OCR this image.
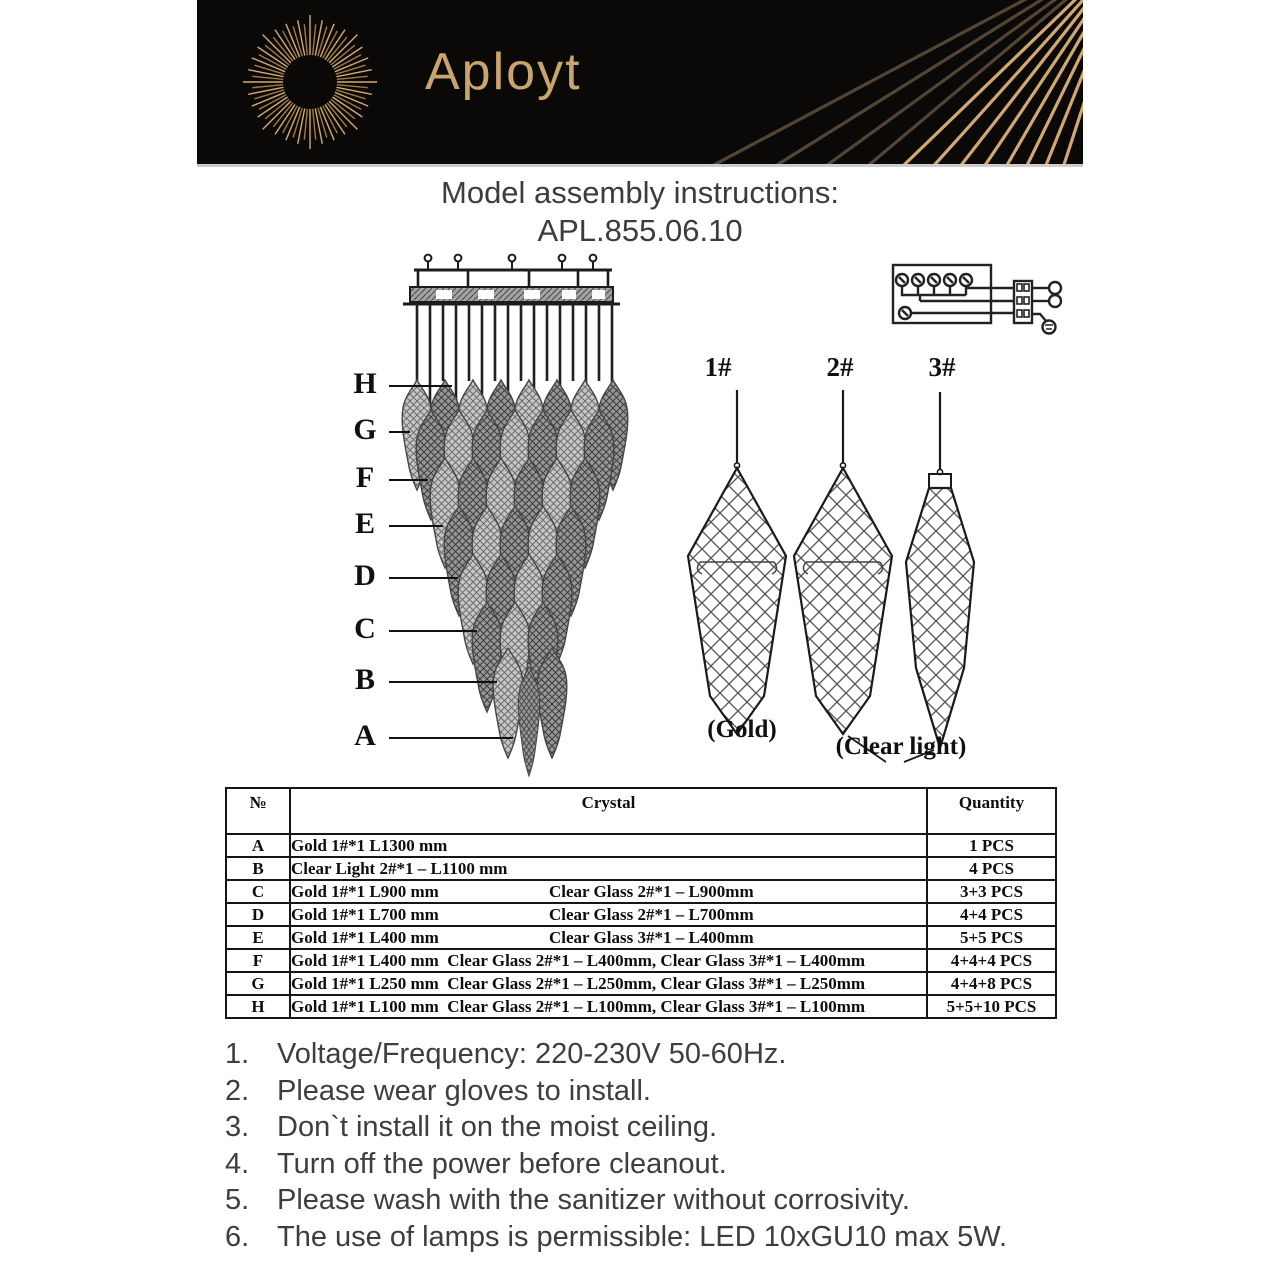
Aployt
Model assembly instructions:
APL.855.06.10
H
G
F
E
D
C
B
A
1#	2#	3#
(Gold)
(Clear light)
№	Crystal	Quantity
A	Gold 1#*1 L1300 mm	1 PCS
B	Clear Light 2#*1 – L1100 mm	4 PCS
C	Gold 1#*1 L900 mm Clear Glass 2#*1 – L900mm	3+3 PCS
D	Gold 1#*1 L700 mm Clear Glass 2#*1 – L700mm	4+4 PCS
E	Gold 1#*1 L400 mm Clear Glass 3#*1 – L400mm	5+5 PCS
F	Gold 1#*1 L400 mm  Clear Glass 2#*1 – L400mm, Clear Glass 3#*1 – L400mm	4+4+4 PCS
G	Gold 1#*1 L250 mm  Clear Glass 2#*1 – L250mm, Clear Glass 3#*1 – L250mm	4+4+8 PCS
H	Gold 1#*1 L100 mm  Clear Glass 2#*1 – L100mm, Clear Glass 3#*1 – L100mm	5+5+10 PCS
1. Voltage/Frequency: 220-230V 50-60Hz.
2. Please wear gloves to install.
3. Don`t install it on the moist ceiling.
4. Turn off the power before cleanout.
5. Please wash with the sanitizer without corrosivity.
6. The use of lamps is permissible: LED 10xGU10 max 5W.
